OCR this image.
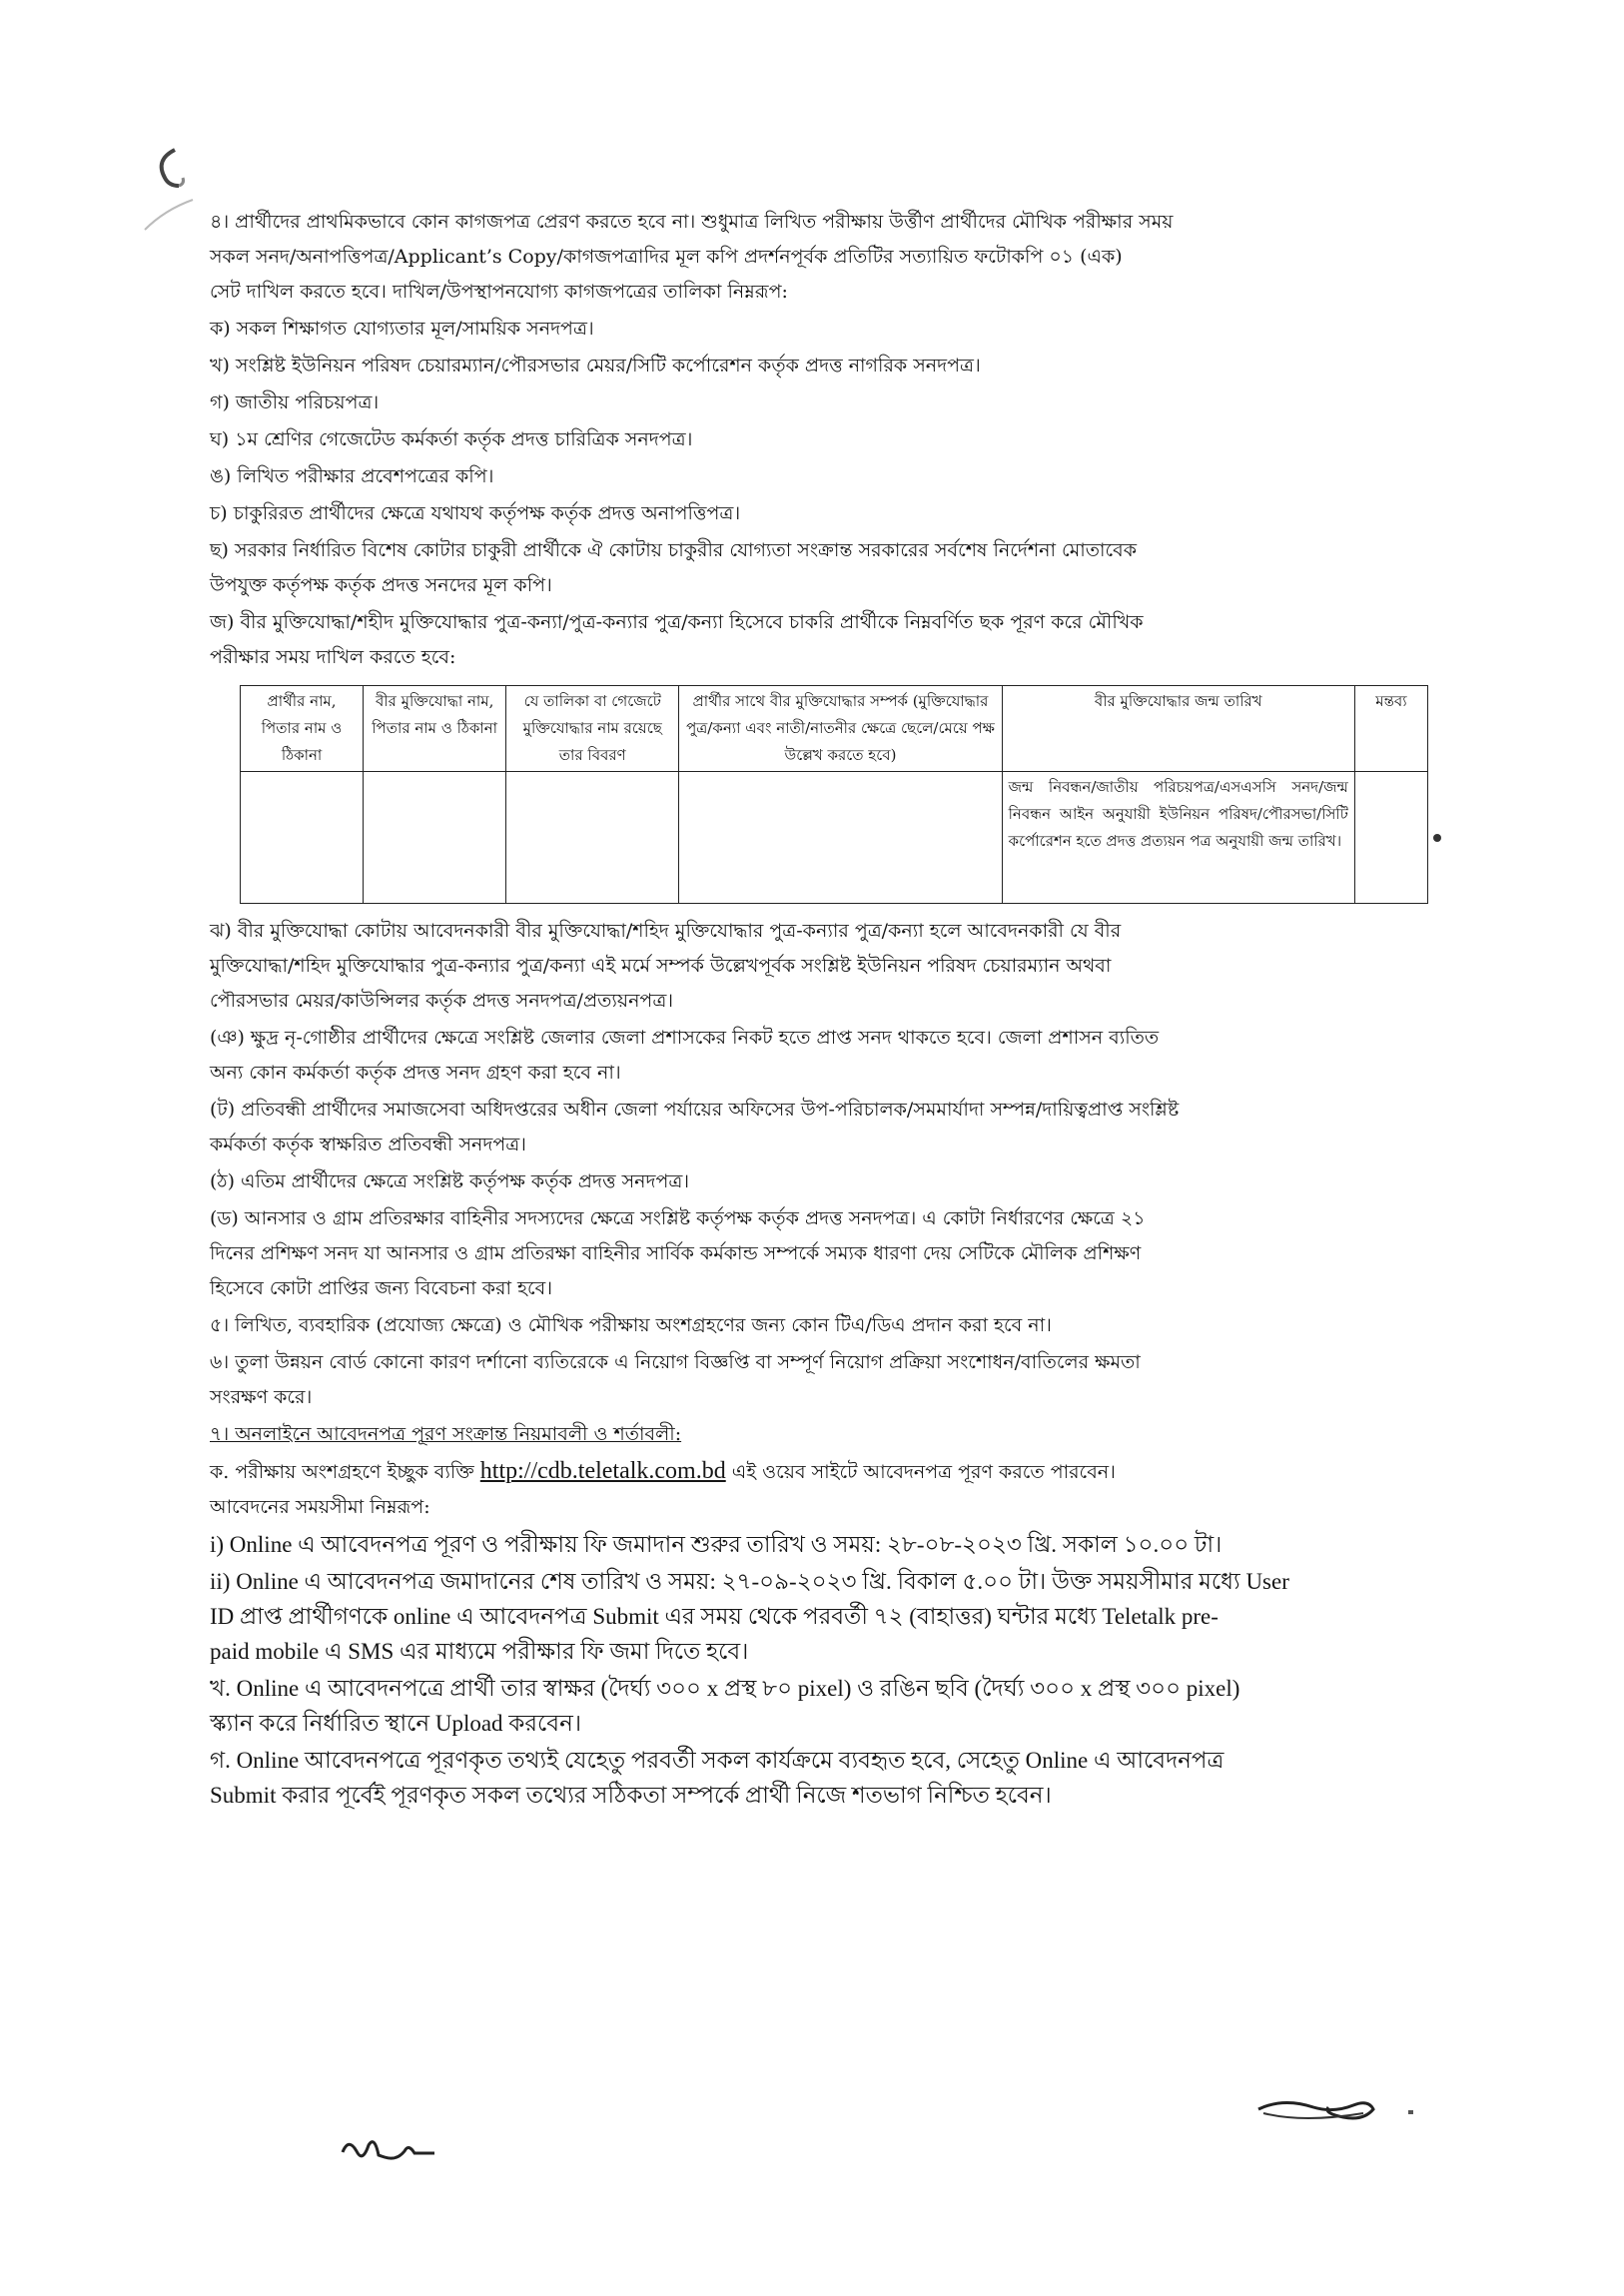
৪। প্রার্থীদের প্রাথমিকভাবে কোন কাগজপত্র প্রেরণ করতে হবে না। শুধুমাত্র লিখিত পরীক্ষায় উর্ত্তীণ প্রার্থীদের মৌখিক পরীক্ষার সময়
সকল সনদ/অনাপত্তিপত্র/Applicant’s Copy/কাগজপত্রাদির মূল কপি প্রদর্শনপূর্বক প্রতিটির সত্যায়িত ফটোকপি ০১ (এক)
সেট দাখিল করতে হবে। দাখিল/উপস্থাপনযোগ্য কাগজপত্রের তালিকা নিম্নরূপ:

ক) সকল শিক্ষাগত যোগ্যতার মূল/সাময়িক সনদপত্র।

খ) সংশ্লিষ্ট ইউনিয়ন পরিষদ চেয়ারম্যান/পৌরসভার মেয়র/সিটি কর্পোরেশন কর্তৃক প্রদত্ত নাগরিক সনদপত্র।

গ) জাতীয় পরিচয়পত্র।

ঘ) ১ম শ্রেণির গেজেটেড কর্মকর্তা কর্তৃক প্রদত্ত চারিত্রিক সনদপত্র।

ঙ) লিখিত পরীক্ষার প্রবেশপত্রের কপি।

চ) চাকুরিরত প্রার্থীদের ক্ষেত্রে যথাযথ কর্তৃপক্ষ কর্তৃক প্রদত্ত অনাপত্তিপত্র।

ছ) সরকার নির্ধারিত বিশেষ কোটার চাকুরী প্রার্থীকে ঐ কোটায় চাকুরীর যোগ্যতা সংক্রান্ত সরকারের সর্বশেষ নির্দেশনা মোতাবেক
উপযুক্ত কর্তৃপক্ষ কর্তৃক প্রদত্ত সনদের মূল কপি।

জ) বীর মুক্তিযোদ্ধা/শহীদ মুক্তিযোদ্ধার পুত্র-কন্যা/পুত্র-কন্যার পুত্র/কন্যা হিসেবে চাকরি প্রার্থীকে নিম্নবর্ণিত ছক পূরণ করে মৌখিক
পরীক্ষার সময় দাখিল করতে হবে:

প্রার্থীর নাম, পিতার নাম ও ঠিকানা	বীর মুক্তিযোদ্ধা নাম, পিতার নাম ও ঠিকানা	যে তালিকা বা গেজেটে মুক্তিযোদ্ধার নাম রয়েছে তার বিবরণ	প্রার্থীর সাথে বীর মুক্তিযোদ্ধার সম্পর্ক (মুক্তিযোদ্ধার পুত্র/কন্যা এবং নাতী/নাতনীর ক্ষেত্রে ছেলে/মেয়ে পক্ষ উল্লেখ করতে হবে)	বীর মুক্তিযোদ্ধার জন্ম তারিখ	মন্তব্য
				জন্ম নিবন্ধন/জাতীয় পরিচয়পত্র/এসএসসি সনদ/জন্ম নিবন্ধন আইন অনুযায়ী ইউনিয়ন পরিষদ/পৌরসভা/সিটি কর্পোরেশন হতে প্রদত্ত প্রত্যয়ন পত্র অনুযায়ী জন্ম তারিখ।	

ঝ) বীর মুক্তিযোদ্ধা কোটায় আবেদনকারী বীর মুক্তিযোদ্ধা/শহিদ মুক্তিযোদ্ধার পুত্র-কন্যার পুত্র/কন্যা হলে আবেদনকারী যে বীর
মুক্তিযোদ্ধা/শহিদ মুক্তিযোদ্ধার পুত্র-কন্যার পুত্র/কন্যা এই মর্মে সম্পর্ক উল্লেখপূর্বক সংশ্লিষ্ট ইউনিয়ন পরিষদ চেয়ারম্যান অথবা
পৌরসভার মেয়র/কাউন্সিলর কর্তৃক প্রদত্ত সনদপত্র/প্রত্যয়নপত্র।

(ঞ) ক্ষুদ্র নৃ-গোষ্ঠীর প্রার্থীদের ক্ষেত্রে সংশ্লিষ্ট জেলার জেলা প্রশাসকের নিকট হতে প্রাপ্ত সনদ থাকতে হবে। জেলা প্রশাসন ব্যতিত
অন্য কোন কর্মকর্তা কর্তৃক প্রদত্ত সনদ গ্রহণ করা হবে না।

(ট) প্রতিবন্ধী প্রার্থীদের সমাজসেবা অধিদপ্তরের অধীন জেলা পর্যায়ের অফিসের উপ-পরিচালক/সমমার্যাদা সম্পন্ন/দায়িত্বপ্রাপ্ত সংশ্লিষ্ট
কর্মকর্তা কর্তৃক স্বাক্ষরিত প্রতিবন্ধী সনদপত্র।

(ঠ) এতিম প্রার্থীদের ক্ষেত্রে সংশ্লিষ্ট কর্তৃপক্ষ কর্তৃক প্রদত্ত সনদপত্র।

(ড) আনসার ও গ্রাম প্রতিরক্ষার বাহিনীর সদস্যদের ক্ষেত্রে সংশ্লিষ্ট কর্তৃপক্ষ কর্তৃক প্রদত্ত সনদপত্র। এ কোটা নির্ধারণের ক্ষেত্রে ২১
দিনের প্রশিক্ষণ সনদ যা আনসার ও গ্রাম প্রতিরক্ষা বাহিনীর সার্বিক কর্মকান্ড সম্পর্কে সম্যক ধারণা দেয় সেটিকে মৌলিক প্রশিক্ষণ
হিসেবে কোটা প্রাপ্তির জন্য বিবেচনা করা হবে।

৫। লিখিত, ব্যবহারিক (প্রযোজ্য ক্ষেত্রে) ও মৌখিক পরীক্ষায় অংশগ্রহণের জন্য কোন টিএ/ডিএ প্রদান করা হবে না।

৬। তুলা উন্নয়ন বোর্ড কোনো কারণ দর্শানো ব্যতিরেকে এ নিয়োগ বিজ্ঞপ্তি বা সম্পূর্ণ নিয়োগ প্রক্রিয়া সংশোধন/বাতিলের ক্ষমতা
সংরক্ষণ করে।

৭। অনলাইনে আবেদনপত্র পূরণ সংক্রান্ত নিয়মাবলী ও শর্তাবলী:

ক. পরীক্ষায় অংশগ্রহণে ইচ্ছুক ব্যক্তি http://cdb.teletalk.com.bd এই ওয়েব সাইটে আবেদনপত্র পূরণ করতে পারবেন।
আবেদনের সময়সীমা নিম্নরূপ:

i) Online এ আবেদনপত্র পূরণ ও পরীক্ষায় ফি জমাদান শুরুর তারিখ ও সময়: ২৮-০৮-২০২৩ খ্রি. সকাল ১০.০০ টা।

ii) Online এ আবেদনপত্র জমাদানের শেষ তারিখ ও সময়: ২৭-০৯-২০২৩ খ্রি. বিকাল ৫.০০ টা। উক্ত সময়সীমার মধ্যে User
ID প্রাপ্ত প্রার্থীগণকে online এ আবেদনপত্র Submit এর সময় থেকে পরবর্তী ৭২ (বাহাত্তর) ঘন্টার মধ্যে Teletalk pre-
paid mobile এ SMS এর মাধ্যমে পরীক্ষার ফি জমা দিতে হবে।

খ. Online এ আবেদনপত্রে প্রার্থী তার স্বাক্ষর (দৈর্ঘ্য ৩০০ x প্রস্থ ৮০ pixel) ও রঙিন ছবি (দৈর্ঘ্য ৩০০ x প্রস্থ ৩০০ pixel)
স্ক্যান করে নির্ধারিত স্থানে Upload করবেন।

গ. Online আবেদনপত্রে পূরণকৃত তথ্যই যেহেতু পরবর্তী সকল কার্যক্রমে ব্যবহৃত হবে, সেহেতু Online এ আবেদনপত্র
Submit করার পূর্বেই পূরণকৃত সকল তথ্যের সঠিকতা সম্পর্কে প্রার্থী নিজে শতভাগ নিশ্চিত হবেন।
